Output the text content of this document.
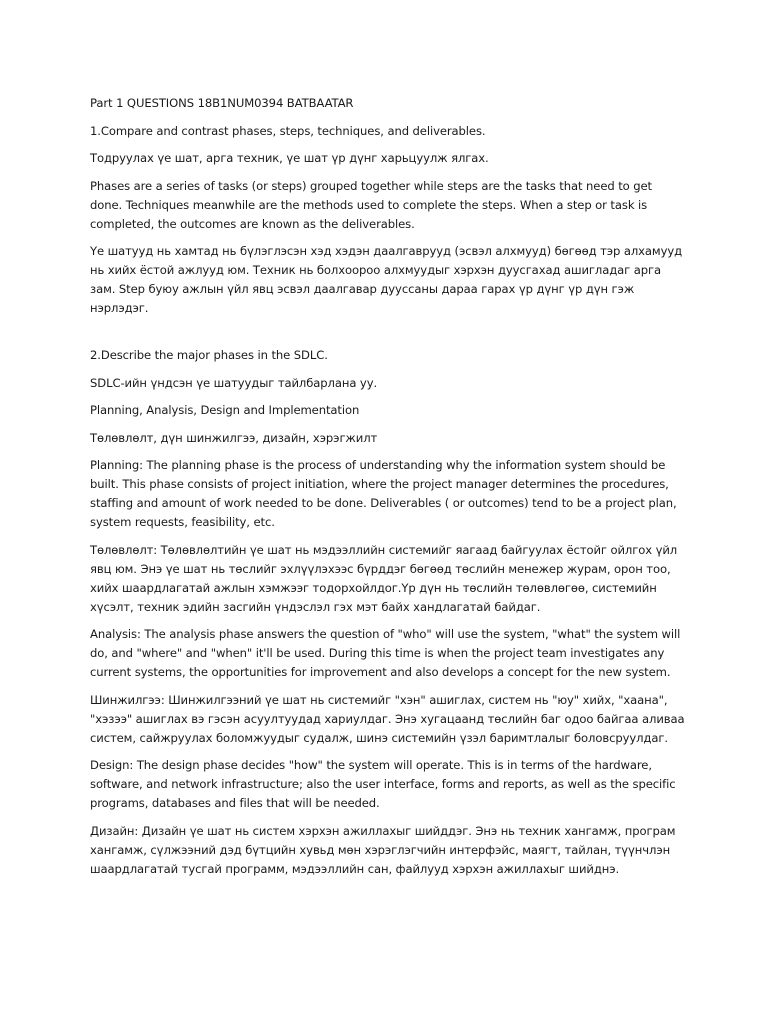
Part 1 QUESTIONS 18B1NUM0394 BATBAATAR

1.Compare and contrast phases, steps, techniques, and deliverables.

Тодруулах үе шат, арга техник, үе шат үр дүнг харьцуулж ялгах.

Phases are a series of tasks (or steps) grouped together while steps are the tasks that need to get done. Techniques meanwhile are the methods used to complete the steps. When a step or task is completed, the outcomes are known as the deliverables.

Үе шатууд нь хамтад нь бүлэглэсэн хэд хэдэн даалгаврууд (эсвэл алхмууд) бөгөөд тэр алхамууд нь хийх ёстой ажлууд юм. Техник нь болхоороо алхмуудыг хэрхэн дуусгахад ашигладаг арга зам. Step буюу ажлын үйл явц эсвэл даалгавар дууссаны дараа гарах үр дүнг үр дүн гэж нэрлэдэг.

2.Describe the major phases in the SDLC.

SDLC-ийн үндсэн үе шатуудыг тайлбарлана уу.

Planning, Analysis, Design and Implementation

Төлөвлөлт, дүн шинжилгээ, дизайн, хэрэгжилт

Planning: The planning phase is the process of understanding why the information system should be built. This phase consists of project initiation, where the project manager determines the procedures, staffing and amount of work needed to be done. Deliverables ( or outcomes) tend to be a project plan, system requests, feasibility, etc.

Төлөвлөлт: Төлөвлөлтийн үе шат нь мэдээллийн системийг яагаад байгуулах ёстойг ойлгох үйл явц юм. Энэ үе шат нь төслийг эхлүүлэхээс бүрддэг бөгөөд төслийн менежер журам, орон тоо, хийх шаардлагатай ажлын хэмжээг тодорхойлдог.Үр дүн нь төслийн төлөвлөгөө, системийн хүсэлт, техник эдийн засгийн үндэслэл гэх мэт байх хандлагатай байдаг.

Analysis: The analysis phase answers the question of "who" will use the system, "what" the system will do, and "where" and "when" it'll be used. During this time is when the project team investigates any current systems, the opportunities for improvement and also develops a concept for the new system.

Шинжилгээ: Шинжилгээний үе шат нь системийг "хэн" ашиглах, систем нь "юу" хийх, "хаана", "хэзээ" ашиглах вэ гэсэн асуултуудад хариулдаг. Энэ хугацаанд төслийн баг одоо байгаа аливаа систем, сайжруулах боломжуудыг судалж, шинэ системийн үзэл баримтлалыг боловсруулдаг.

Design: The design phase decides "how" the system will operate. This is in terms of the hardware, software, and network infrastructure; also the user interface, forms and reports, as well as the specific programs, databases and files that will be needed.

Дизайн: Дизайн үе шат нь систем хэрхэн ажиллахыг шийддэг. Энэ нь техник хангамж, програм хангамж, сүлжээний дэд бүтцийн хувьд мөн хэрэглэгчийн интерфэйс, маягт, тайлан, түүнчлэн шаардлагатай тусгай программ, мэдээллийн сан, файлууд хэрхэн ажиллахыг шийднэ.
